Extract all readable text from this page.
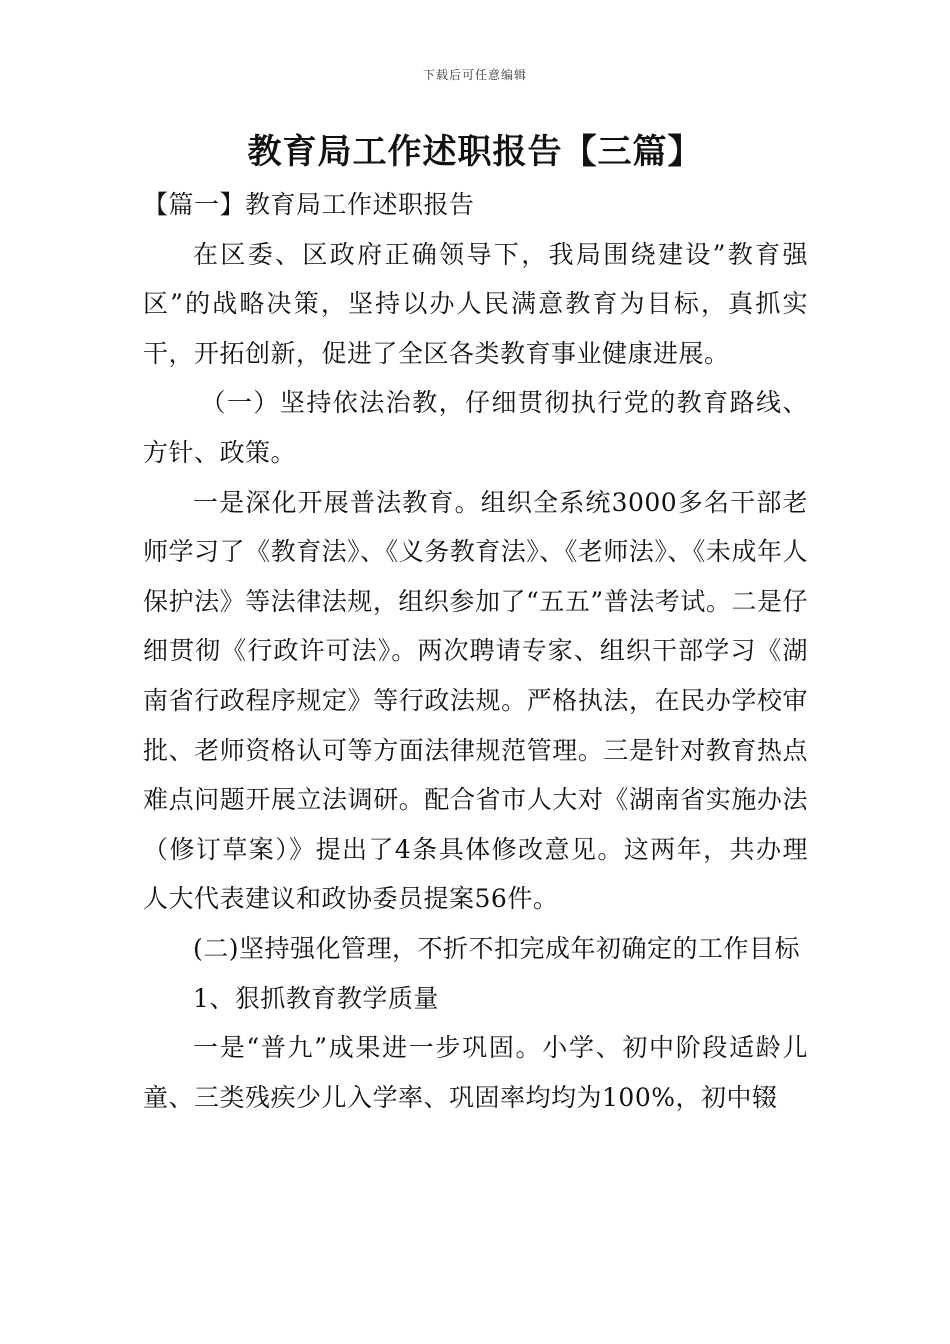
下载后可任意编辑
教育局工作述职报告【三篇】

【篇一】教育局工作述职报告

在区委、区政府正确领导下，我局围绕建设”教育强区”的战略决策，坚持以办人民满意教育为目标，真抓实干，开拓创新，促进了全区各类教育事业健康进展。

（一）坚持依法治教，仔细贯彻执行党的教育路线、方针、政策。

一是深化开展普法教育。组织全系统3000多名干部老师学习了《教育法》、《义务教育法》、《老师法》、《未成年人保护法》等法律法规，组织参加了“五五”普法考试。二是仔细贯彻《行政许可法》。两次聘请专家、组织干部学习《湖南省行政程序规定》等行政法规。严格执法，在民办学校审批、老师资格认可等方面法律规范管理。三是针对教育热点难点问题开展立法调研。配合省市人大对《湖南省实施办法（修订草案）》提出了4条具体修改意见。这两年，共办理人大代表建议和政协委员提案56件。

(二)坚持强化管理，不折不扣完成年初确定的工作目标

1、狠抓教育教学质量

一是“普九”成果进一步巩固。小学、初中阶段适龄儿童、三类残疾少儿入学率、巩固率均均为100%，初中辍
